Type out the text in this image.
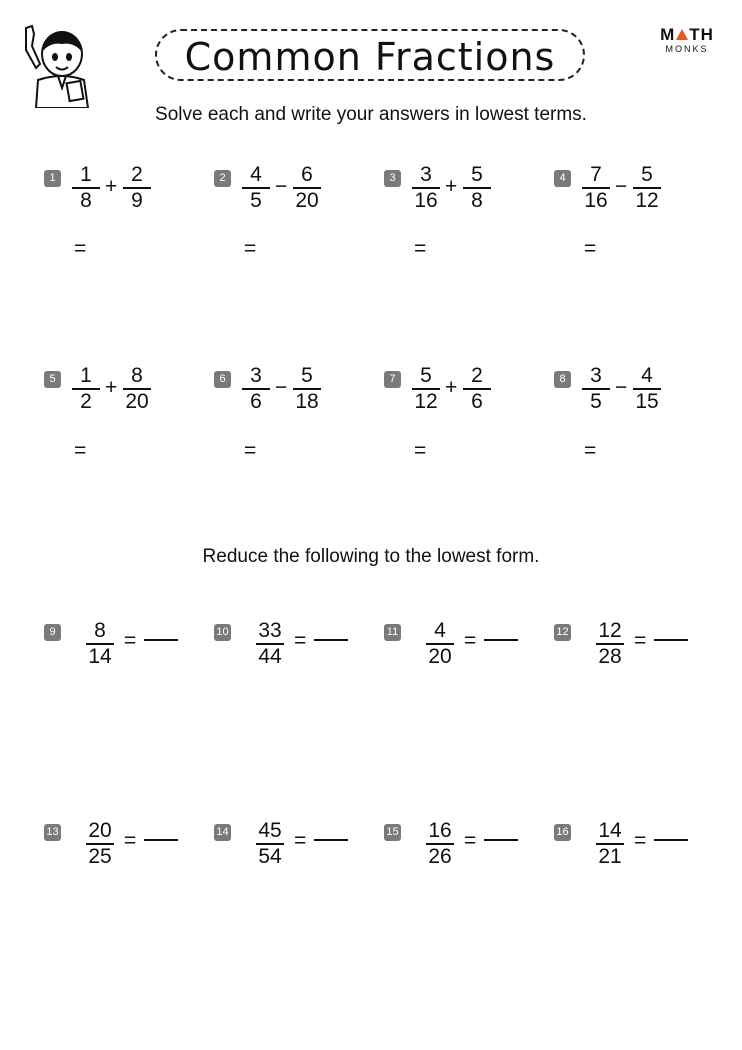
Common Fractions
M TH
MONKS
Solve each and write your answers in lowest terms.
Reduce the following to the lowest form.
1	1
8
+
2
9
=
2	4
5
−
6
20
=
3	3
16
+
5
8
=
4	7
16
−
5
12
=
5	1
2
+
8
20
=
6	3
6
−
5
18
=
7	5
12
+
2
6
=
8	3
5
−
4
15
=
9	8
14
=	10 33
44
=	11	4
20
=	12 12
28
=
13 20
25
=	14 45
54
=	15 16
26
=	16 14
21
=
